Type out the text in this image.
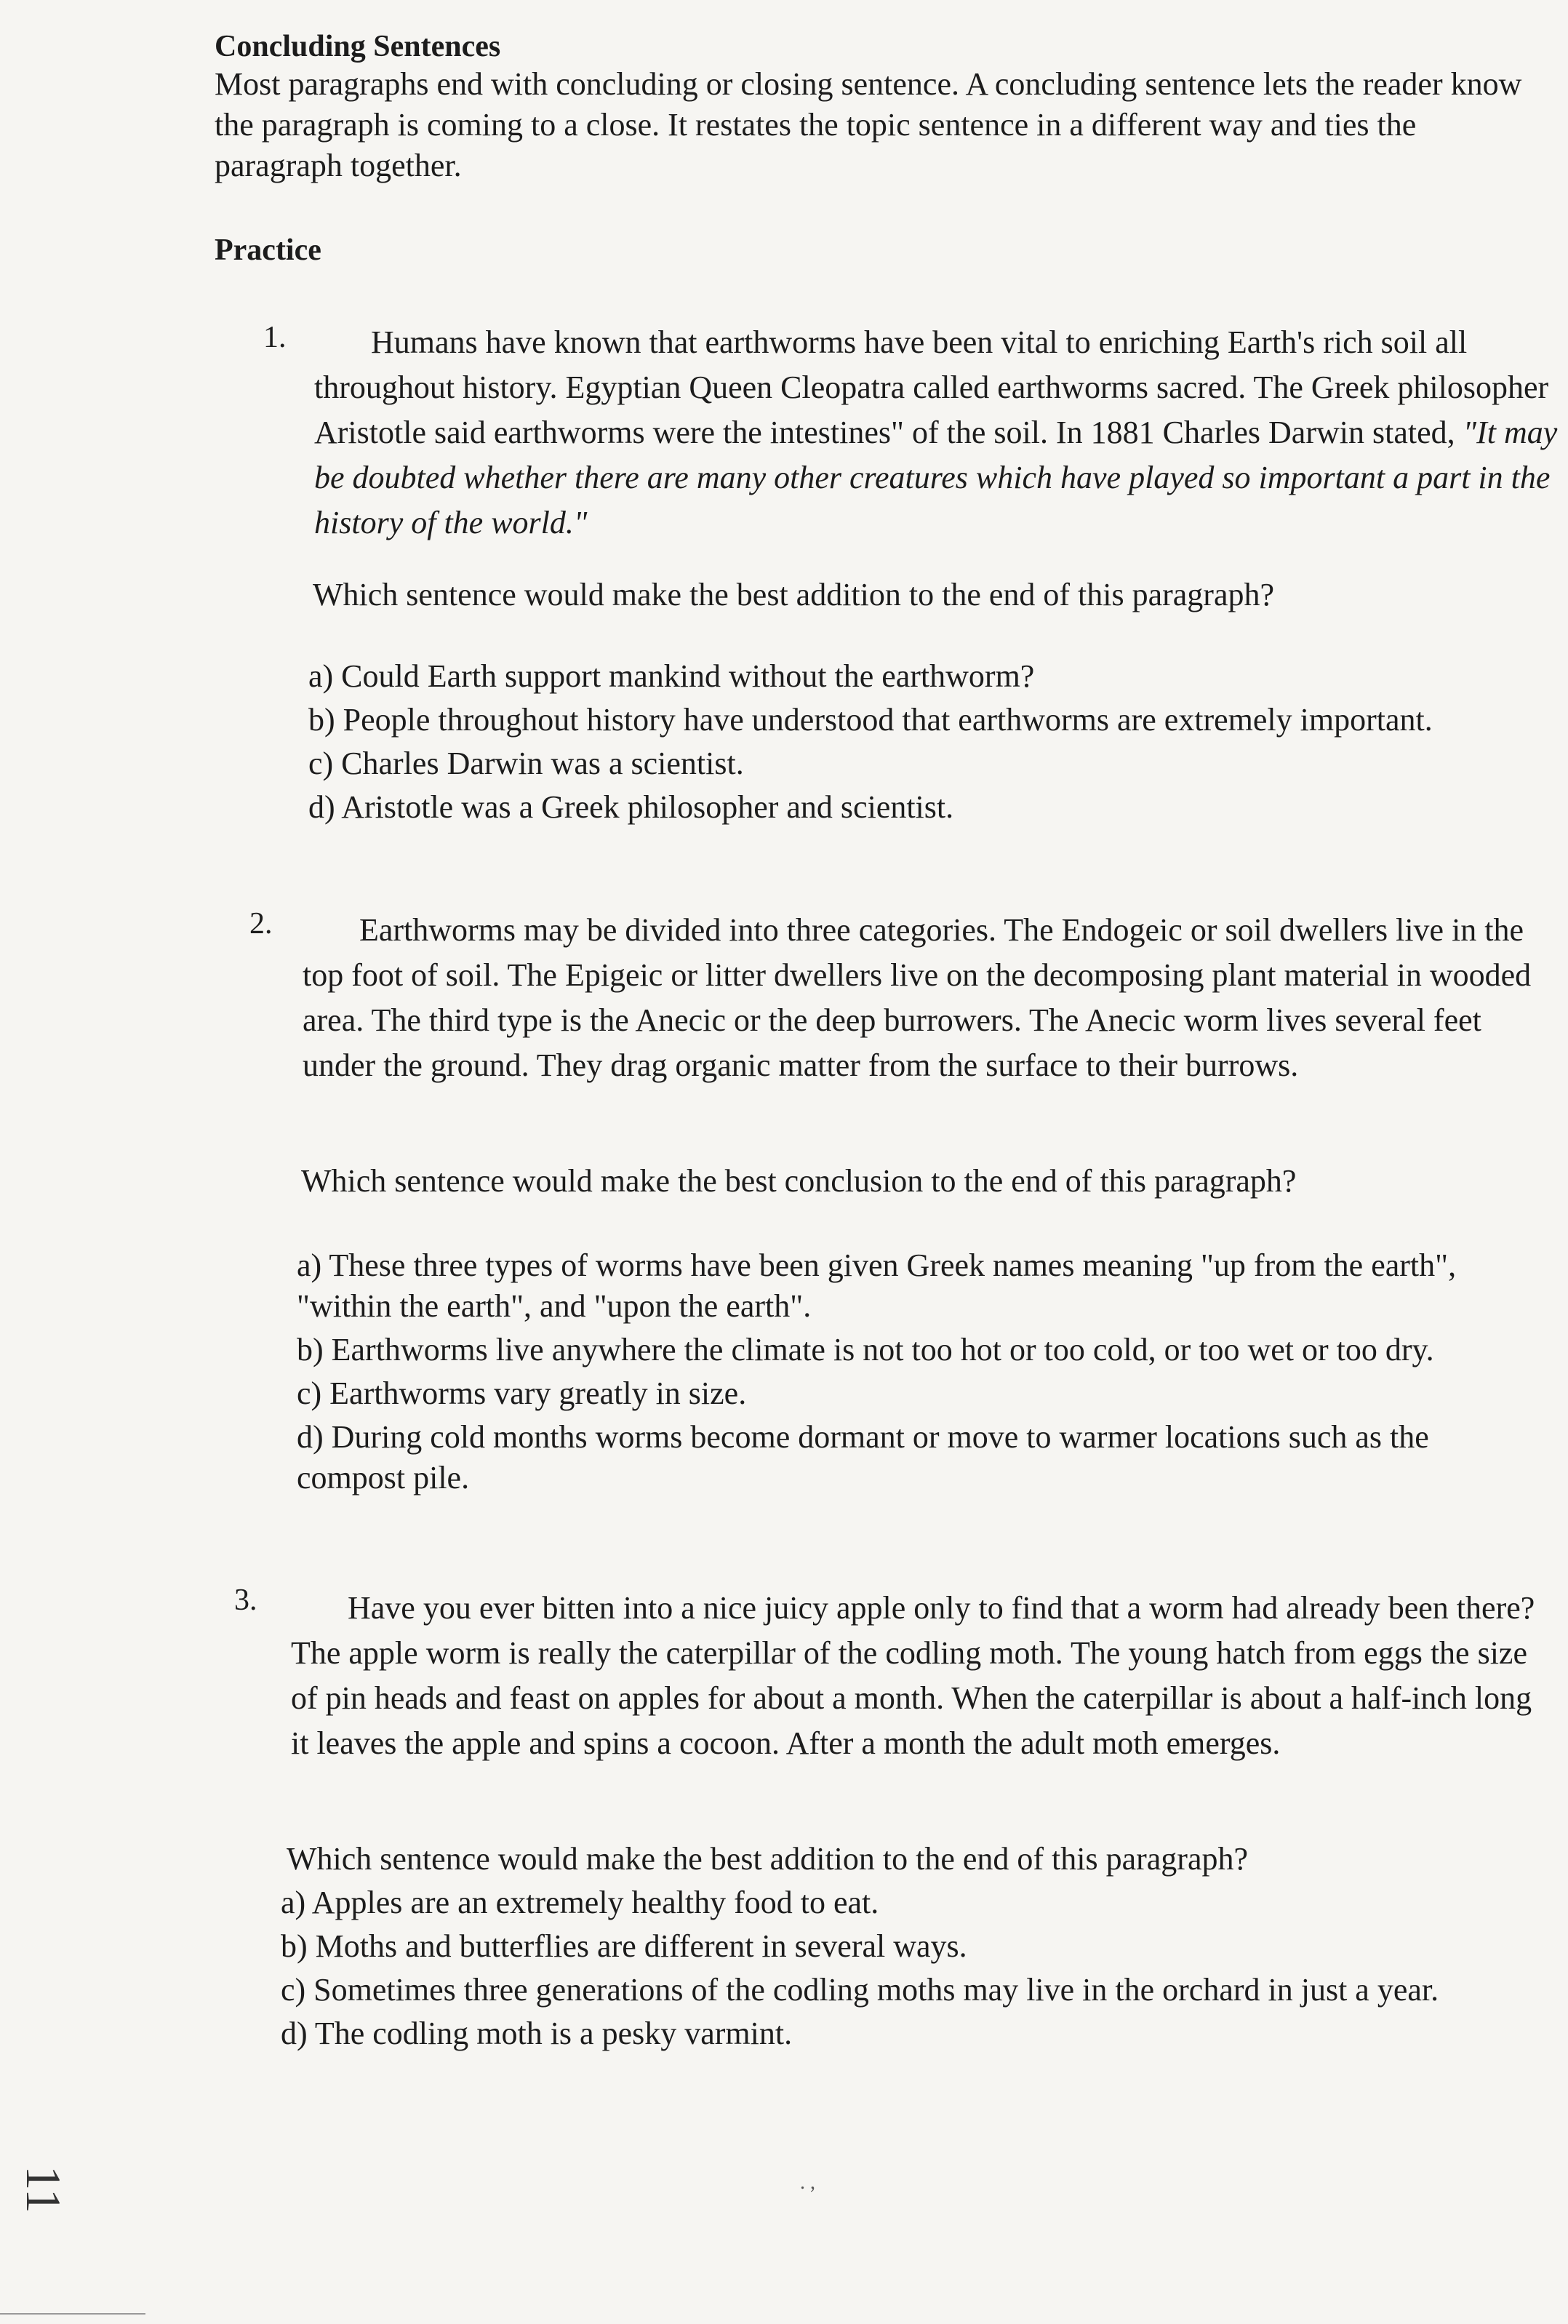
Concluding Sentences

Most paragraphs end with concluding or closing sentence. A concluding sentence lets the reader know the paragraph is coming to a close. It restates the topic sentence in a different way and ties the paragraph together.

Practice
1.	Humans have known that earthworms have been vital to enriching Earth's rich soil all throughout history. Egyptian Queen Cleopatra called earthworms sacred. The Greek philosopher Aristotle said earthworms were the intestines" of the soil. In 1881 Charles Darwin stated, "It may be doubted whether there are many other creatures which have played so important a part in the history of the world."

Which sentence would make the best addition to the end of this paragraph?

a) Could Earth support mankind without the earthworm?
b) People throughout history have understood that earthworms are extremely important.
c) Charles Darwin was a scientist.
d) Aristotle was a Greek philosopher and scientist.
2.	Earthworms may be divided into three categories. The Endogeic or soil dwellers live in the top foot of soil. The Epigeic or litter dwellers live on the decomposing plant material in wooded area. The third type is the Anecic or the deep burrowers. The Anecic worm lives several feet under the ground. They drag organic matter from the surface to their burrows.

Which sentence would make the best conclusion to the end of this paragraph?

a) These three types of worms have been given Greek names meaning "up from the earth", "within the earth", and "upon the earth".
b) Earthworms live anywhere the climate is not too hot or too cold, or too wet or too dry.
c) Earthworms vary greatly in size.
d) During cold months worms become dormant or move to warmer locations such as the compost pile.
3.	Have you ever bitten into a nice juicy apple only to find that a worm had already been there? The apple worm is really the caterpillar of the codling moth. The young hatch from eggs the size of pin heads and feast on apples for about a month. When the caterpillar is about a half-inch long it leaves the apple and spins a cocoon. After a month the adult moth emerges.

Which sentence would make the best addition to the end of this paragraph?

a) Apples are an extremely healthy food to eat.
b) Moths and butterflies are different in several ways.
c) Sometimes three generations of the codling moths may live in the orchard in just a year.
d) The codling moth is a pesky varmint.
11	. ,
